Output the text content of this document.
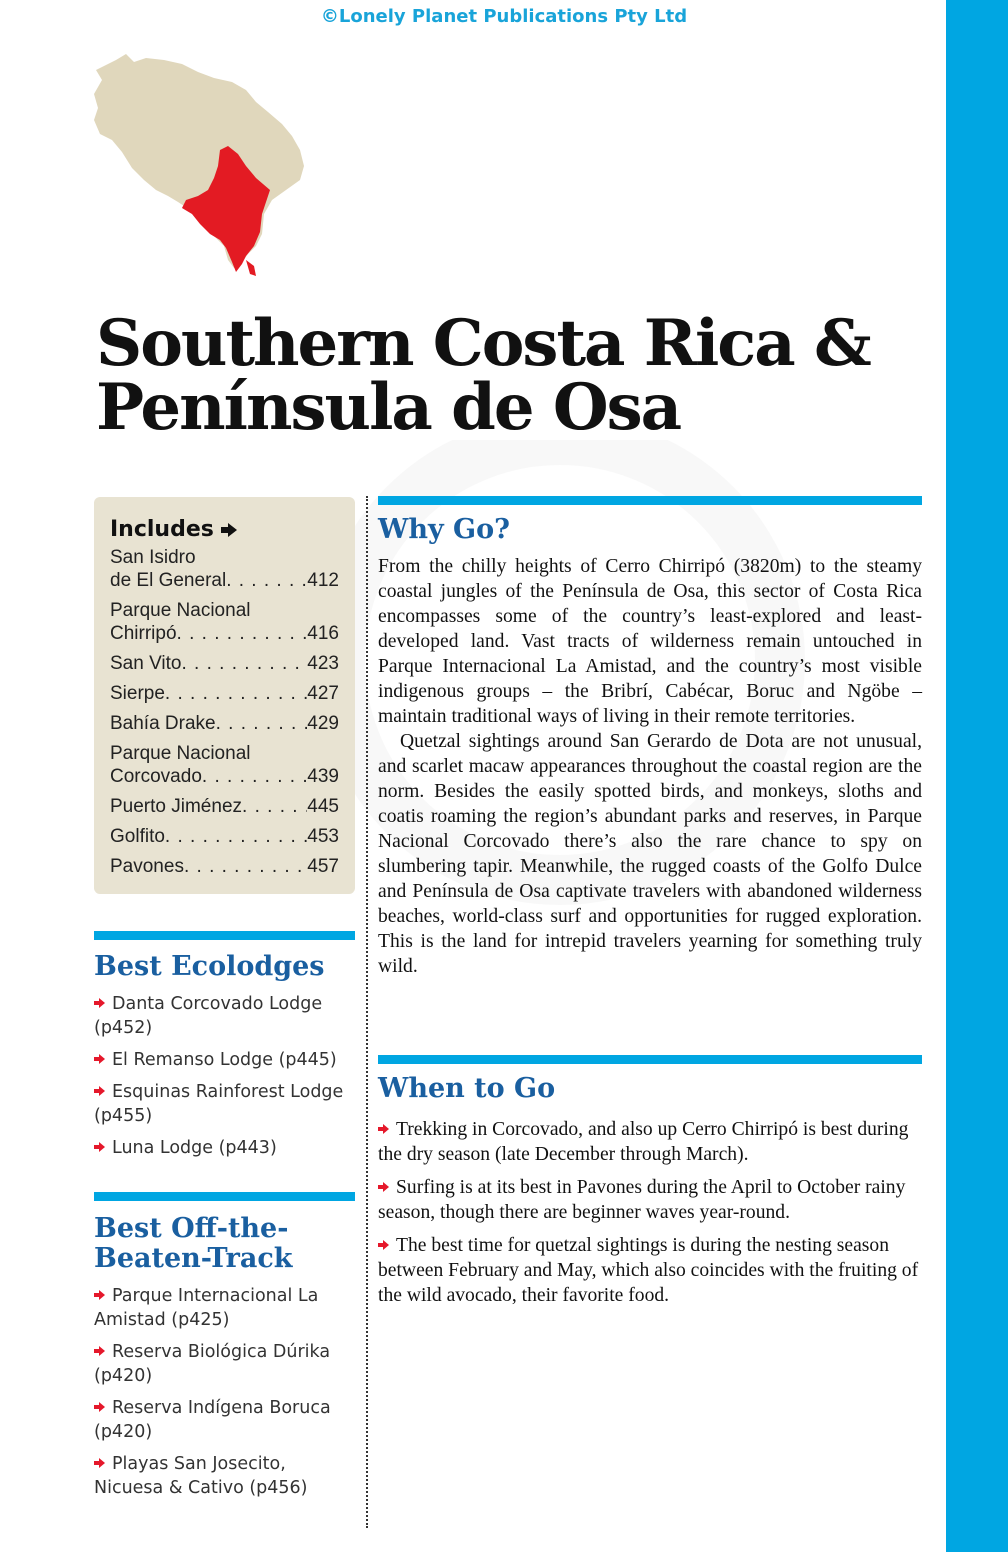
©Lonely Planet Publications Pty Ltd
Southern Costa Rica &
Península de Osa
Includes
San Isidro
de El General . . .	412
Parque Nacional
Chirripó . . .	416
San Vito . . .	423
Sierpe . . .	427
Bahía Drake . . .	429
Parque Nacional
Corcovado . . .	439
Puerto Jiménez . . .	445
Golfito . . .	453
Pavones . . .	457
Best Ecolodges
Danta Corcovado Lodge (p452)
El Remanso Lodge (p445)
Esquinas Rainforest Lodge (p455)
Luna Lodge (p443)
Best Off-the-
Beaten-Track
Parque Internacional La Amistad (p425)
Reserva Biológica Dúrika (p420)
Reserva Indígena Boruca (p420)
Playas San Josecito, Nicuesa & Cativo (p456)
Why Go?

From the chilly heights of Cerro Chirripó (3820m) to the steamy coastal jungles of the Península de Osa, this sector of Costa Rica encompasses some of the country’s least-explored and least-developed land. Vast tracts of wilderness remain untouched in Parque Internacional La Amistad, and the country’s most visible indigenous groups – the Bribrí, Cabécar, Boruc and Ngöbe – maintain traditional ways of living in their remote territories.

Quetzal sightings around San Gerardo de Dota are not unusual, and scarlet macaw appearances throughout the coastal region are the norm. Besides the easily spotted birds, and monkeys, sloths and coatis roaming the region’s abundant parks and reserves, in Parque Nacional Corcovado there’s also the rare chance to spy on slumbering tapir. Meanwhile, the rugged coasts of the Golfo Dulce and Península de Osa captivate travelers with abandoned wilderness beaches, world-class surf and opportunities for rugged exploration. This is the land for intrepid travelers yearning for something truly wild.

When to Go
Trekking in Corcovado, and also up Cerro Chirripó is best during the dry season (late December through March).
Surfing is at its best in Pavones during the April to October rainy season, though there are beginner waves year-round.
The best time for quetzal sightings is during the nesting season between February and May, which also coincides with the fruiting of the wild avocado, their favorite food.
